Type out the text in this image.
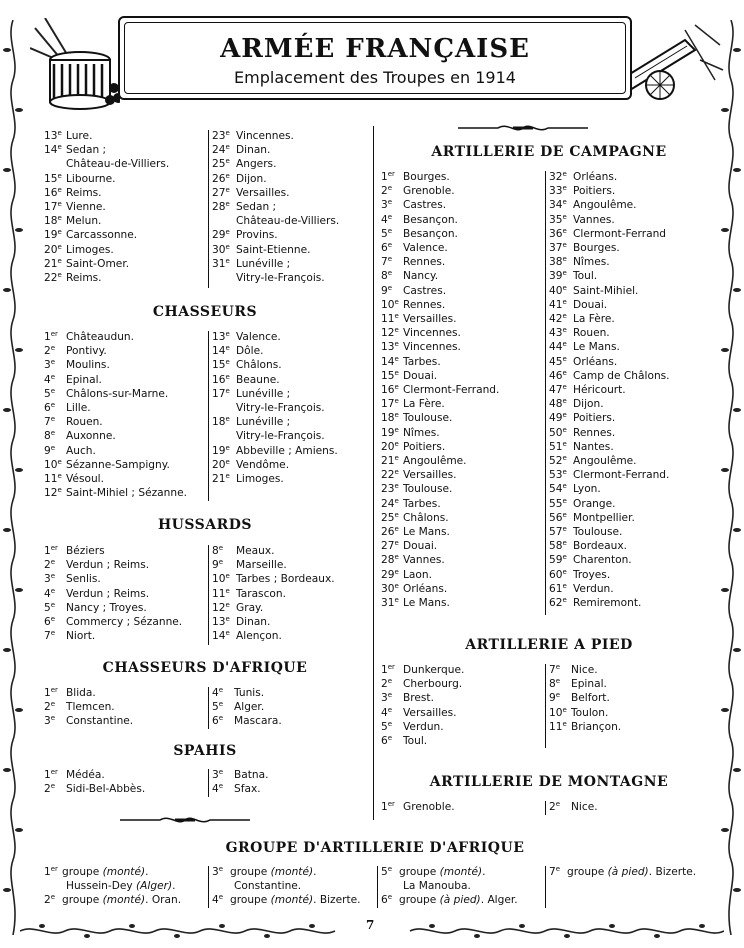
ARMÉE FRANÇAISE
Emplacement des Troupes en 1914
13e Lure.
14e Sedan ;
Château-de-Villiers.
15e Libourne.
16e Reims.
17e Vienne.
18e Melun.
19e Carcassonne.
20e Limoges.
21e Saint-Omer.
22e Reims.
23e Vincennes.
24e Dinan.
25e Angers.
26e Dijon.
27e Versailles.
28e Sedan ;
Château-de-Villiers.
29e Provins.
30e Saint-Etienne.
31e Lunéville ;
Vitry-le-François.
CHASSEURS
1er Châteaudun.
2e Pontivy.
3e Moulins.
4e Epinal.
5e Châlons-sur-Marne.
6e Lille.
7e Rouen.
8e Auxonne.
9e Auch.
10e Sézanne-Sampigny.
11e Vésoul.
12e Saint-Mihiel ; Sézanne.
13e Valence.
14e Dôle.
15e Châlons.
16e Beaune.
17e Lunéville ;
Vitry-le-François.
18e Lunéville ;
Vitry-le-François.
19e Abbeville ; Amiens.
20e Vendôme.
21e Limoges.
HUSSARDS
1er Béziers
2e Verdun ; Reims.
3e Senlis.
4e Verdun ; Reims.
5e Nancy ; Troyes.
6e Commercy ; Sézanne.
7e Niort.
8e Meaux.
9e Marseille.
10e Tarbes ; Bordeaux.
11e Tarascon.
12e Gray.
13e Dinan.
14e Alençon.
CHASSEURS D'AFRIQUE
1er Blida.
2e Tlemcen.
3e Constantine.
4e Tunis.
5e Alger.
6e Mascara.
SPAHIS
1er Médéa.
2e Sidi-Bel-Abbès.
3e Batna.
4e Sfax.
ARTILLERIE DE CAMPAGNE
1er Bourges.
2e Grenoble.
3e Castres.
4e Besançon.
5e Besançon.
6e Valence.
7e Rennes.
8e Nancy.
9e Castres.
10e Rennes.
11e Versailles.
12e Vincennes.
13e Vincennes.
14e Tarbes.
15e Douai.
16e Clermont-Ferrand.
17e La Fère.
18e Toulouse.
19e Nîmes.
20e Poitiers.
21e Angoulême.
22e Versailles.
23e Toulouse.
24e Tarbes.
25e Châlons.
26e Le Mans.
27e Douai.
28e Vannes.
29e Laon.
30e Orléans.
31e Le Mans.
32e Orléans.
33e Poitiers.
34e Angoulême.
35e Vannes.
36e Clermont-Ferrand
37e Bourges.
38e Nîmes.
39e Toul.
40e Saint-Mihiel.
41e Douai.
42e La Fère.
43e Rouen.
44e Le Mans.
45e Orléans.
46e Camp de Châlons.
47e Héricourt.
48e Dijon.
49e Poitiers.
50e Rennes.
51e Nantes.
52e Angoulême.
53e Clermont-Ferrand.
54e Lyon.
55e Orange.
56e Montpellier.
57e Toulouse.
58e Bordeaux.
59e Charenton.
60e Troyes.
61e Verdun.
62e Remiremont.
ARTILLERIE A PIED
1er Dunkerque.
2e Cherbourg.
3e Brest.
4e Versailles.
5e Verdun.
6e Toul.
7e Nice.
8e Epinal.
9e Belfort.
10e Toulon.
11e Briançon.
ARTILLERIE DE MONTAGNE
1er Grenoble.	2e Nice.
GROUPE D'ARTILLERIE D'AFRIQUE
1er groupe (monté).
Hussein-Dey (Alger).
2e groupe (monté). Oran.
3e groupe (monté).
Constantine.
4e groupe (monté). Bizerte.
5e groupe (monté).
La Manouba.
6e groupe (à pied). Alger.
7e groupe (à pied). Bizerte.
7
